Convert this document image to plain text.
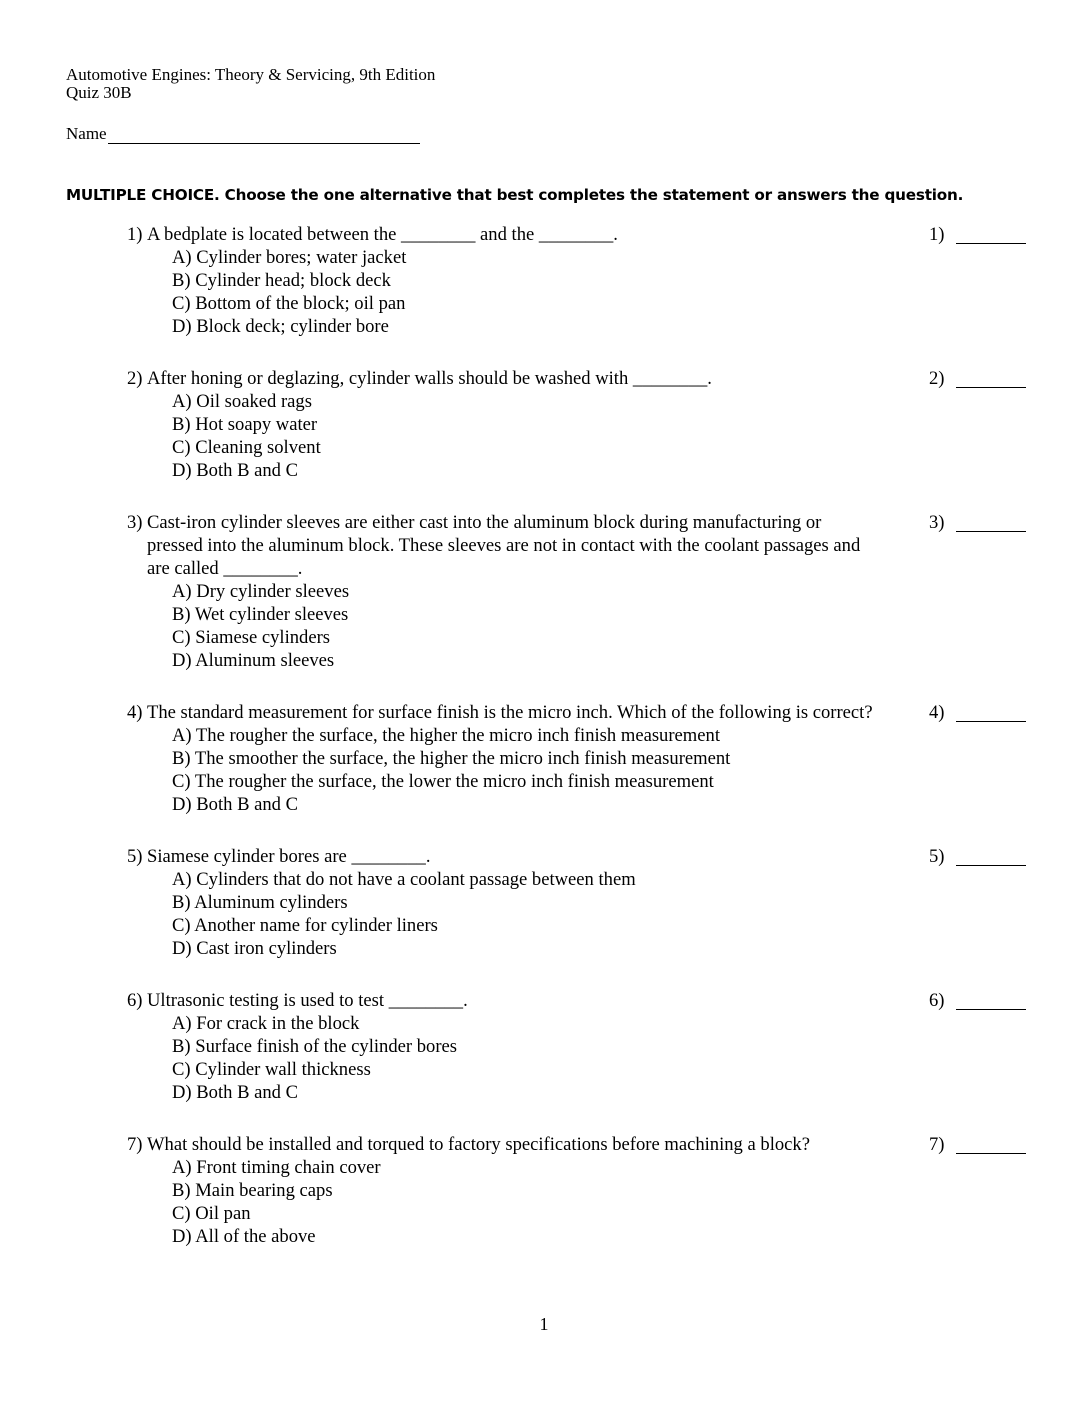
Automotive Engines: Theory & Servicing, 9th Edition
Quiz 30B
Name
MULTIPLE CHOICE. Choose the one alternative that best completes the statement or answers the question.
1) A bedplate is located between the ________ and the ________.
A) Cylinder bores; water jacket
B) Cylinder head; block deck
C) Bottom of the block; oil pan
D) Block deck; cylinder bore
1)
2) After honing or deglazing, cylinder walls should be washed with ________.
A) Oil soaked rags
B) Hot soapy water
C) Cleaning solvent
D) Both B and C
2)
3) Cast-iron cylinder sleeves are either cast into the aluminum block during manufacturing or
pressed into the aluminum block. These sleeves are not in contact with the coolant passages and
are called ________.
A) Dry cylinder sleeves
B) Wet cylinder sleeves
C) Siamese cylinders
D) Aluminum sleeves
3)
4) The standard measurement for surface finish is the micro inch. Which of the following is correct?
A) The rougher the surface, the higher the micro inch finish measurement
B) The smoother the surface, the higher the micro inch finish measurement
C) The rougher the surface, the lower the micro inch finish measurement
D) Both B and C
4)
5) Siamese cylinder bores are ________.
A) Cylinders that do not have a coolant passage between them
B) Aluminum cylinders
C) Another name for cylinder liners
D) Cast iron cylinders
5)
6) Ultrasonic testing is used to test ________.
A) For crack in the block
B) Surface finish of the cylinder bores
C) Cylinder wall thickness
D) Both B and C
6)
7) What should be installed and torqued to factory specifications before machining a block?
A) Front timing chain cover
B) Main bearing caps
C) Oil pan
D) All of the above
7)
1
